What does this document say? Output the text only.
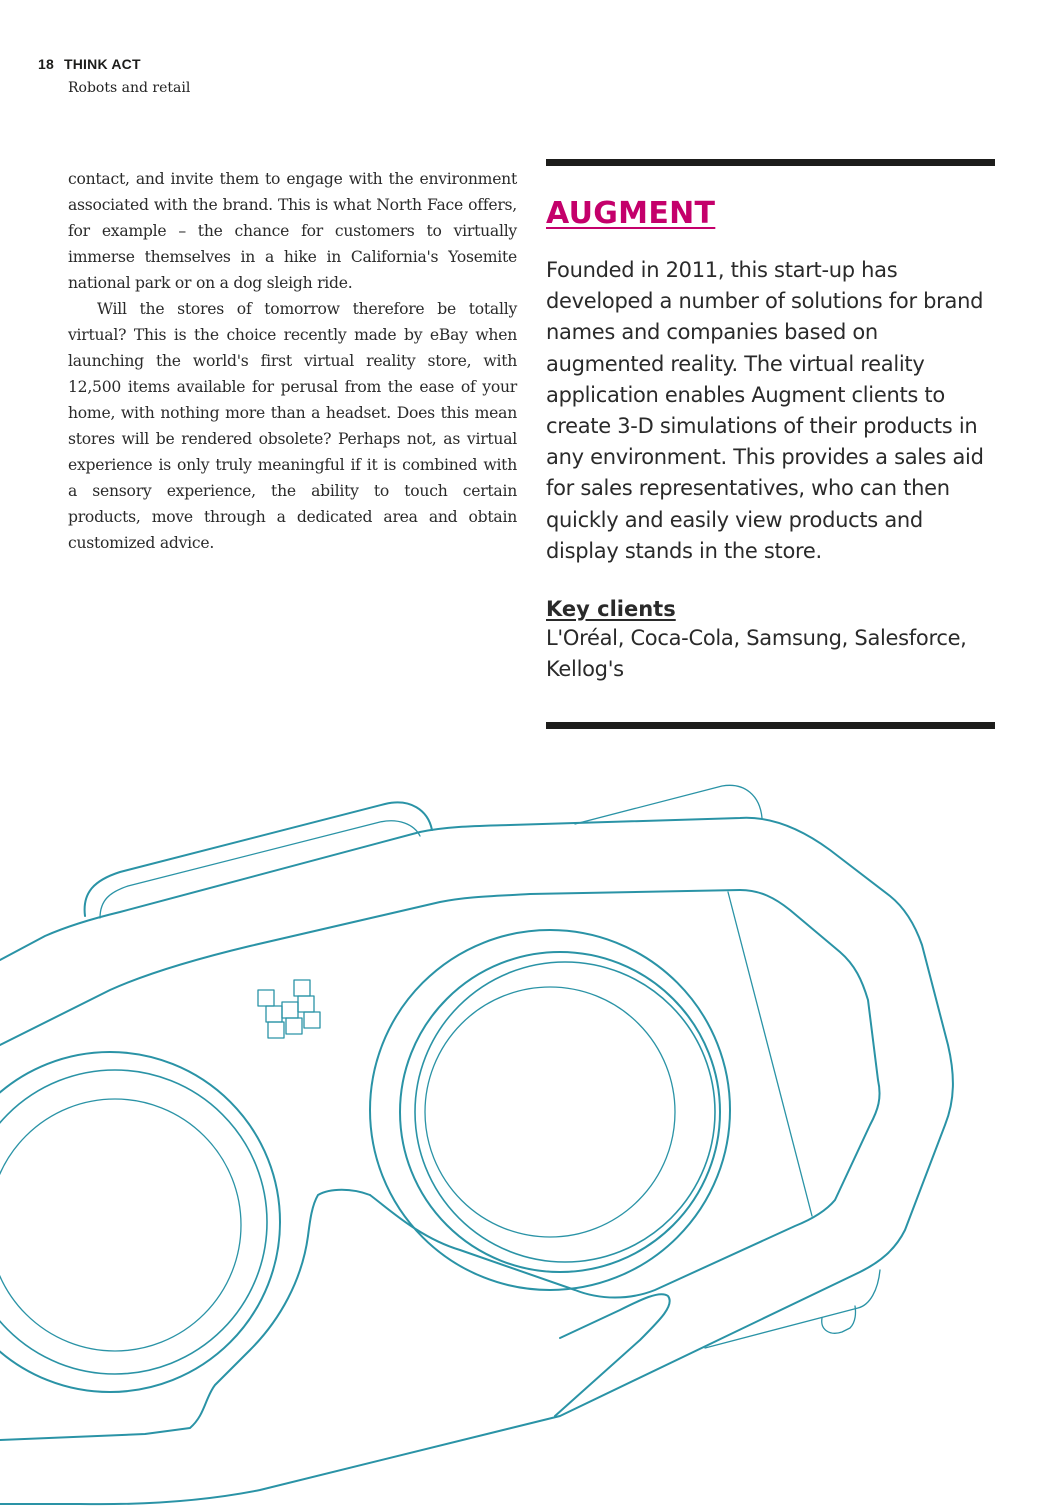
18 THINK ACT
Robots and retail

contact, and invite them to engage with the environment associated with the brand. This is what North Face offers, for example – the chance for customers to virtually immerse themselves in a hike in California's Yosemite national park or on a dog sleigh ride.

Will the stores of tomorrow therefore be totally virtual? This is the choice recently made by eBay when launching the world's first virtual reality store, with 12,500 items available for perusal from the ease of your home, with nothing more than a headset. Does this mean stores will be rendered obsolete? Perhaps not, as virtual experience is only truly meaningful if it is combined with a sensory experience, the ability to touch certain products, move through a dedicated area and obtain customized advice.

AUGMENT
Founded in 2011, this start-up has developed a number of solutions for brand names and companies based on augmented reality. The virtual reality application enables Augment clients to create 3-D simulations of their products in any environment. This provides a sales aid for sales representatives, who can then quickly and easily view products and display stands in the store.
Key clients
L'Oréal, Coca-Cola, Samsung, Salesforce, Kellog's
